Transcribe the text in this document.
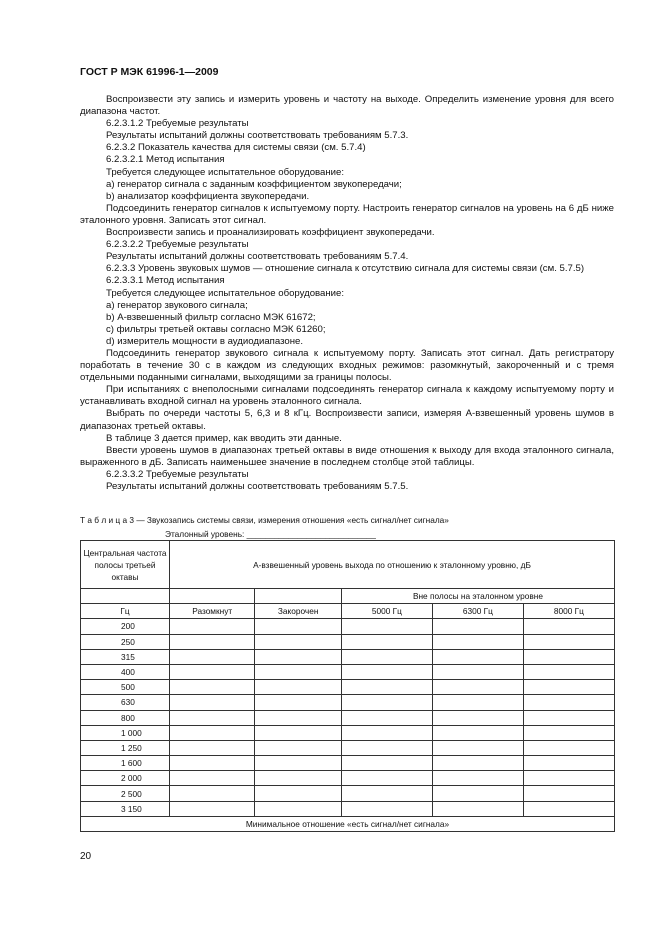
ГОСТ Р МЭК 61996-1—2009

Воспроизвести эту запись и измерить уровень и частоту на выходе. Определить изменение уровня для всего диапазона частот.

6.2.3.1.2 Требуемые результаты

Результаты испытаний должны соответствовать требованиям 5.7.3.

6.2.3.2 Показатель качества для системы связи (см. 5.7.4)

6.2.3.2.1 Метод испытания

Требуется следующее испытательное оборудование:

a) генератор сигнала с заданным коэффициентом звукопередачи;

b) анализатор коэффициента звукопередачи.

Подсоединить генератор сигналов к испытуемому порту. Настроить генератор сигналов на уровень на 6 дБ ниже эталонного уровня. Записать этот сигнал.

Воспроизвести запись и проанализировать коэффициент звукопередачи.

6.2.3.2.2 Требуемые результаты

Результаты испытаний должны соответствовать требованиям 5.7.4.

6.2.3.3 Уровень звуковых шумов — отношение сигнала к отсутствию сигнала для системы связи (см. 5.7.5)

6.2.3.3.1 Метод испытания

Требуется следующее испытательное оборудование:

a) генератор звукового сигнала;

b) А-взвешенный фильтр согласно МЭК 61672;

c) фильтры третьей октавы согласно МЭК 61260;

d) измеритель мощности в аудиодиапазоне.

Подсоединить генератор звукового сигнала к испытуемому порту. Записать этот сигнал. Дать регистратору поработать в течение 30 с в каждом из следующих входных режимов: разомкнутый, закороченный и с тремя отдельными поданными сигналами, выходящими за границы полосы.

При испытаниях с внеполосными сигналами подсоединять генератор сигнала к каждому испытуемому порту и устанавливать входной сигнал на уровень эталонного сигнала.

Выбрать по очереди частоты 5, 6,3 и 8 кГц. Воспроизвести записи, измеряя А-взвешенный уровень шумов в диапазонах третьей октавы.

В таблице 3 дается пример, как вводить эти данные.

Ввести уровень шумов в диапазонах третьей октавы в виде отношения к выходу для входа эталонного сигнала, выраженного в дБ. Записать наименьшее значение в последнем столбце этой таблицы.

6.2.3.3.2 Требуемые результаты

Результаты испытаний должны соответствовать требованиям 5.7.5.

Т а б л и ц а 3 — Звукозапись системы связи, измерения отношения «есть сигнал/нет сигнала»
Эталонный уровень: ____________________________
Центральная частота полосы третьей октавы	А-взвешенный уровень выхода по отношению к эталонному уровню, дБ				
			Вне полосы на эталонном уровне		
Гц	Разомкнут	Закорочен	5000 Гц	6300 Гц	8000 Гц
200					
250					
315					
400					
500					
630					
800					
1 000					
1 250					
1 600					
2 000					
2 500					
3 150					
Минимальное отношение «есть сигнал/нет сигнала»					
20
